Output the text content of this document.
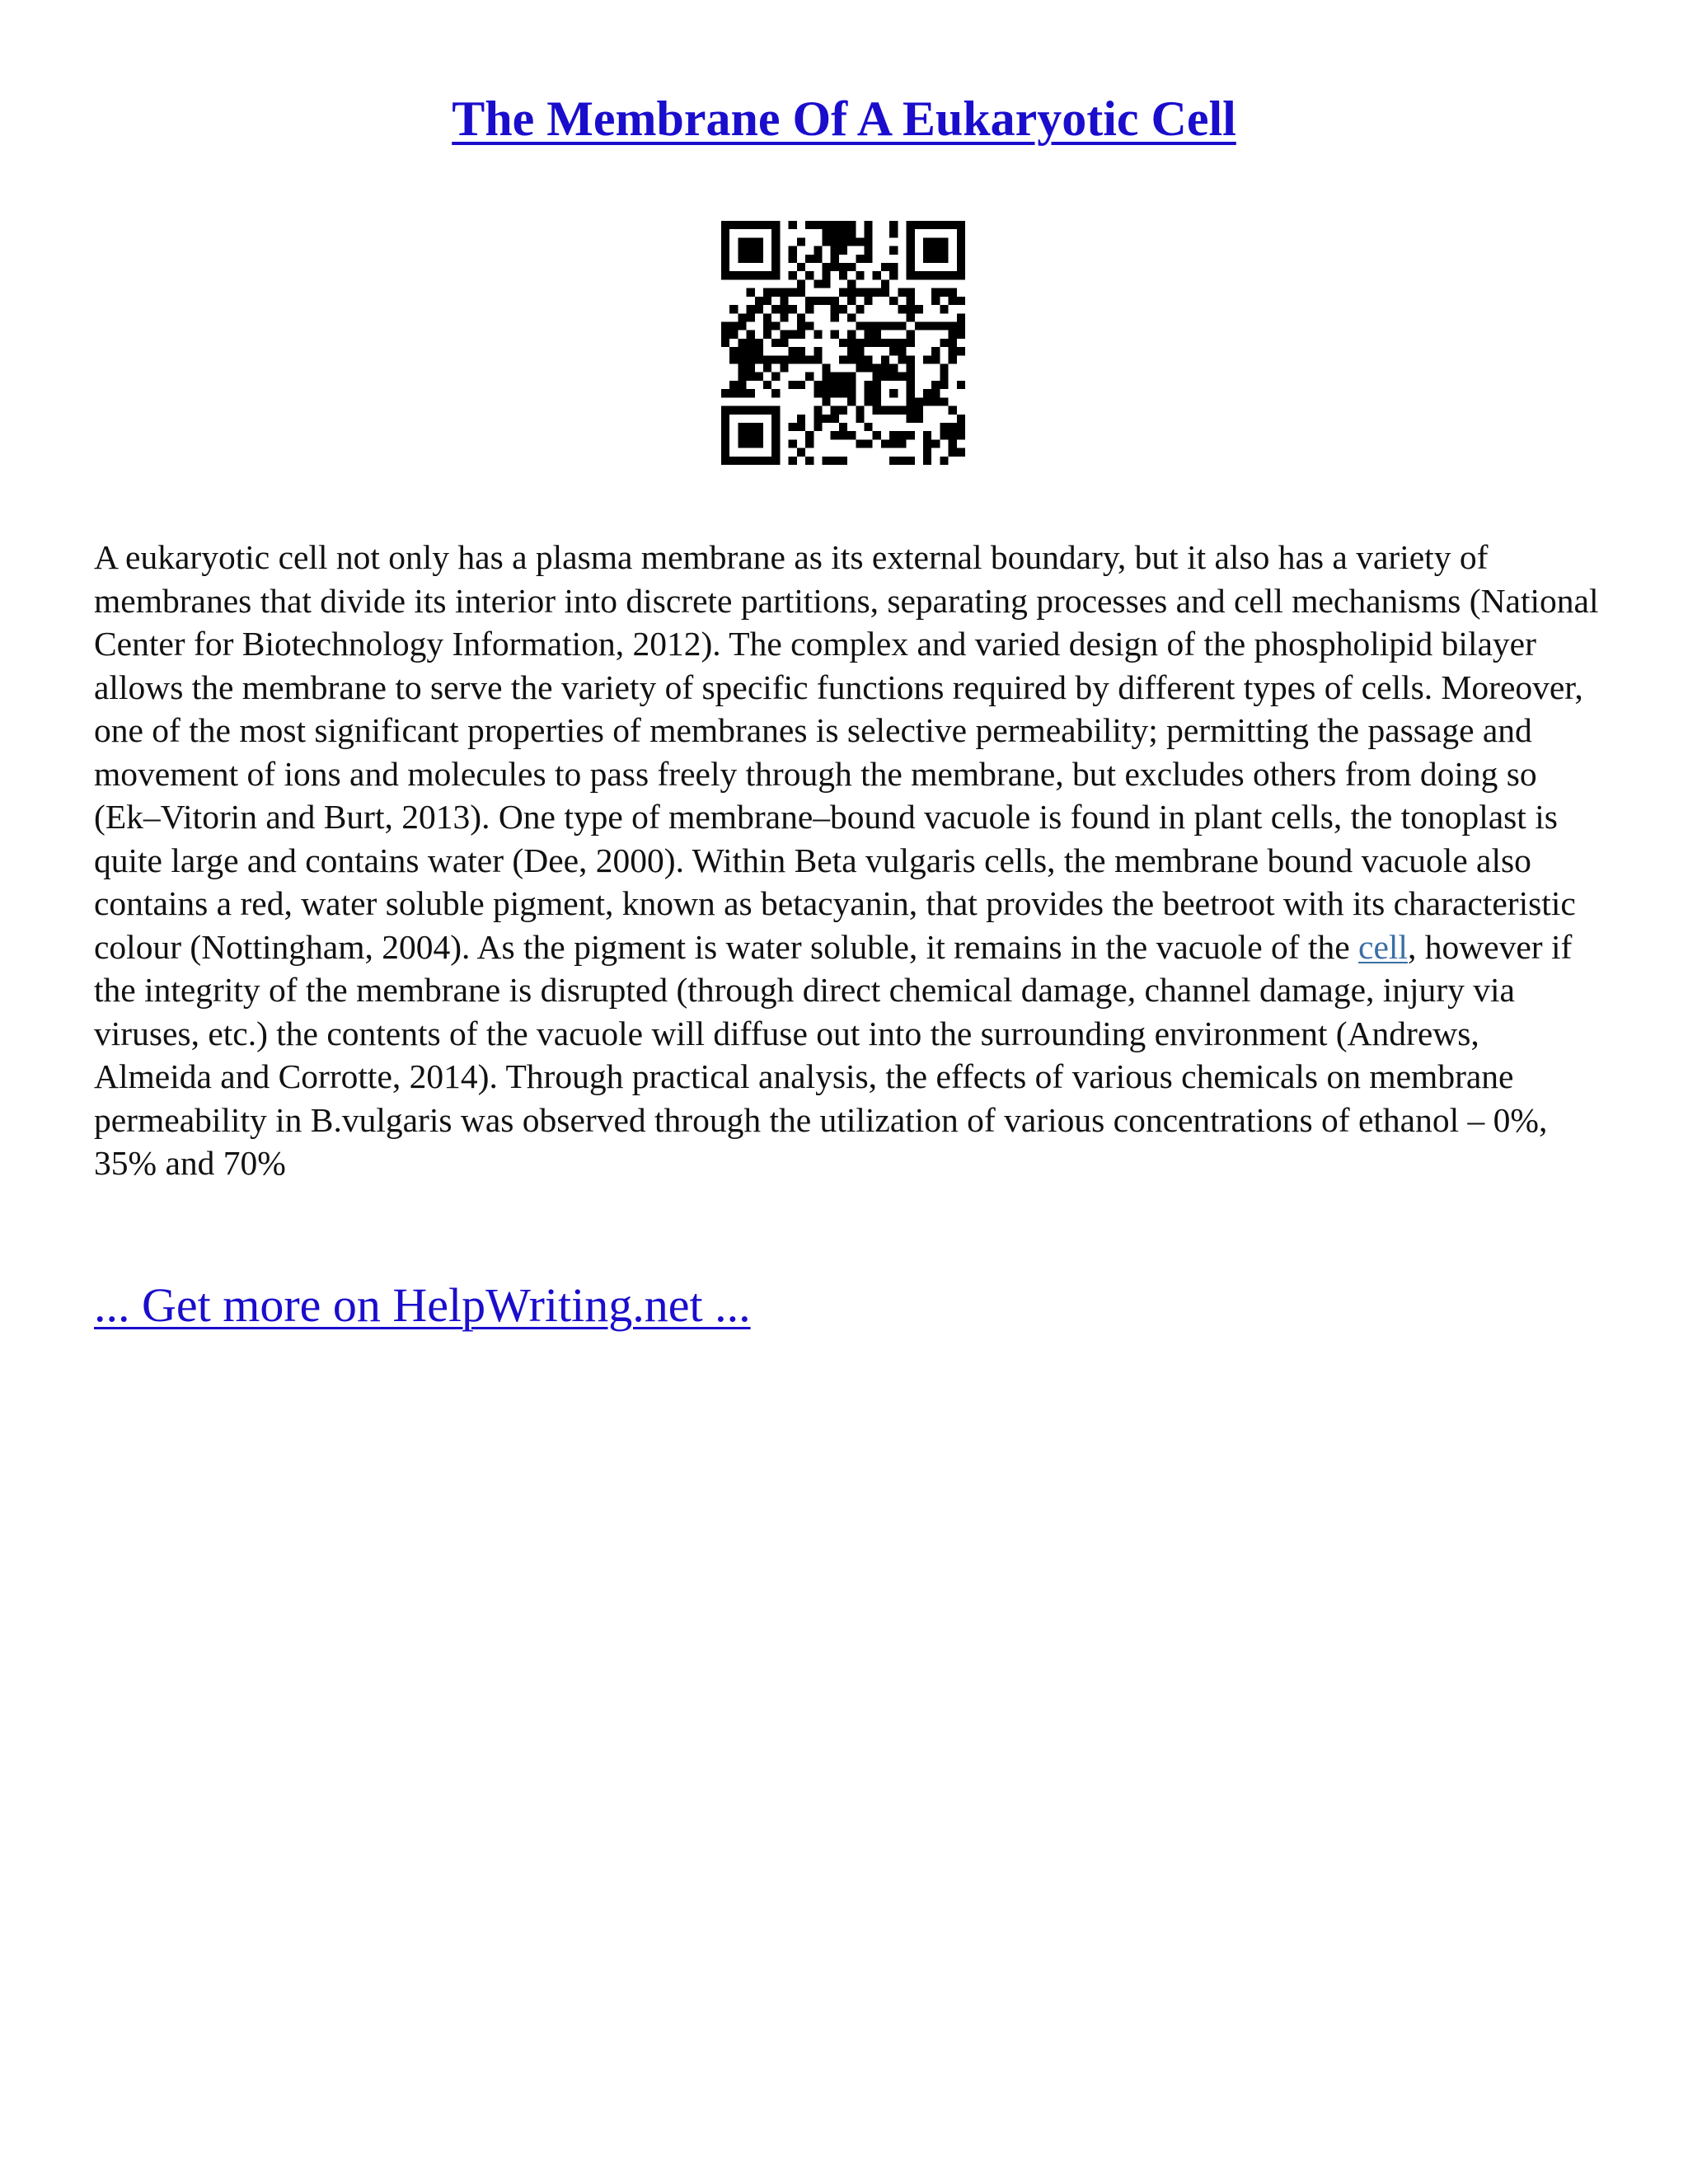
The Membrane Of A Eukaryotic Cell

A eukaryotic cell not only has a plasma membrane as its external boundary, but it also has a variety of membranes that divide its interior into discrete partitions, separating processes and cell mechanisms (National Center for Biotechnology Information, 2012). The complex and varied design of the phospholipid bilayer allows the membrane to serve the variety of specific functions required by different types of cells. Moreover, one of the most significant properties of membranes is selective permeability; permitting the passage and movement of ions and molecules to pass freely through the membrane, but excludes others from doing so (Ek–Vitorin and Burt, 2013). One type of membrane–bound vacuole is found in plant cells, the tonoplast is quite large and contains water (Dee, 2000). Within Beta vulgaris cells, the membrane bound vacuole also contains a red, water soluble pigment, known as betacyanin, that provides the beetroot with its characteristic colour (Nottingham, 2004). As the pigment is water soluble, it remains in the vacuole of the cell, however if the integrity of the membrane is disrupted (through direct chemical damage, channel damage, injury via viruses, etc.) the contents of the vacuole will diffuse out into the surrounding environment (Andrews, Almeida and Corrotte, 2014). Through practical analysis, the effects of various chemicals on membrane permeability in B.vulgaris was observed through the utilization of various concentrations of ethanol – 0%, 35% and 70%

... Get more on HelpWriting.net ...
